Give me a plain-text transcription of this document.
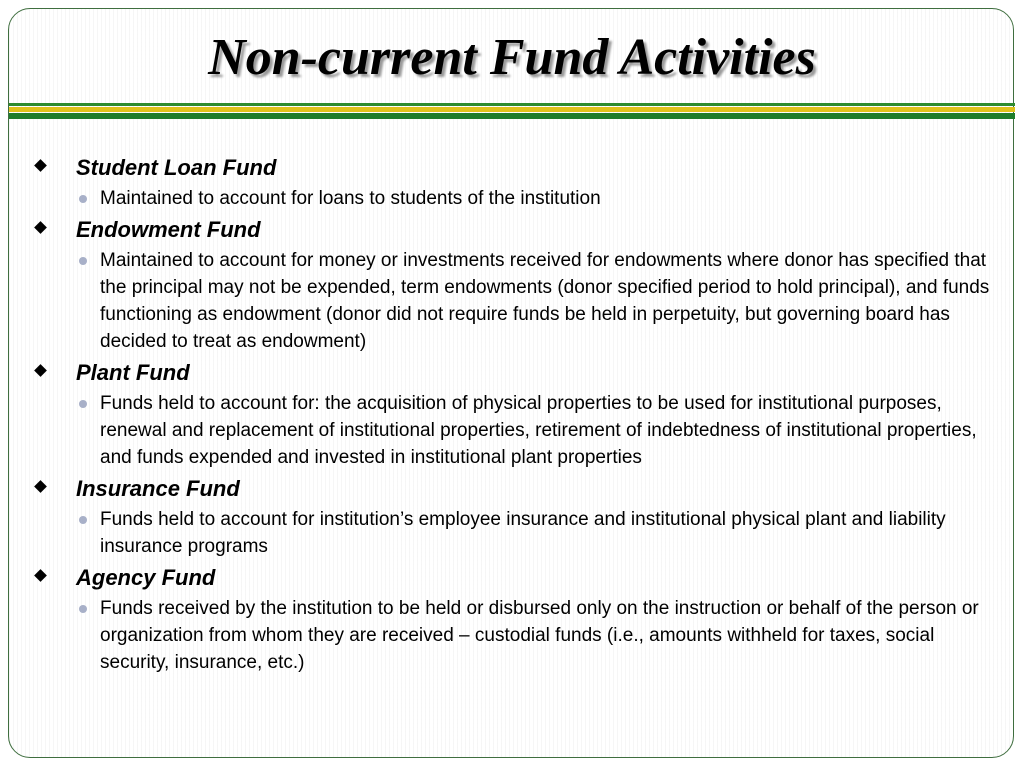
Non-current Fund Activities
Student Loan Fund
Maintained to account for loans to students of the institution
Endowment Fund
Maintained to account for money or investments received for endowments where donor has specified that the principal may not be expended, term endowments (donor specified period to hold principal), and funds functioning as endowment (donor did not require funds be held in perpetuity, but governing board has decided to treat as endowment)
Plant Fund
Funds held to account for: the acquisition of physical properties to be used for institutional purposes, renewal and replacement of institutional properties, retirement of indebtedness of institutional properties, and funds expended and invested in institutional plant properties
Insurance Fund
Funds held to account for institution’s employee insurance and institutional physical plant and liability insurance programs
Agency Fund
Funds received by the institution to be held or disbursed only on the instruction or behalf of the person or organization from whom they are received – custodial funds (i.e., amounts withheld for taxes, social security, insurance, etc.)
